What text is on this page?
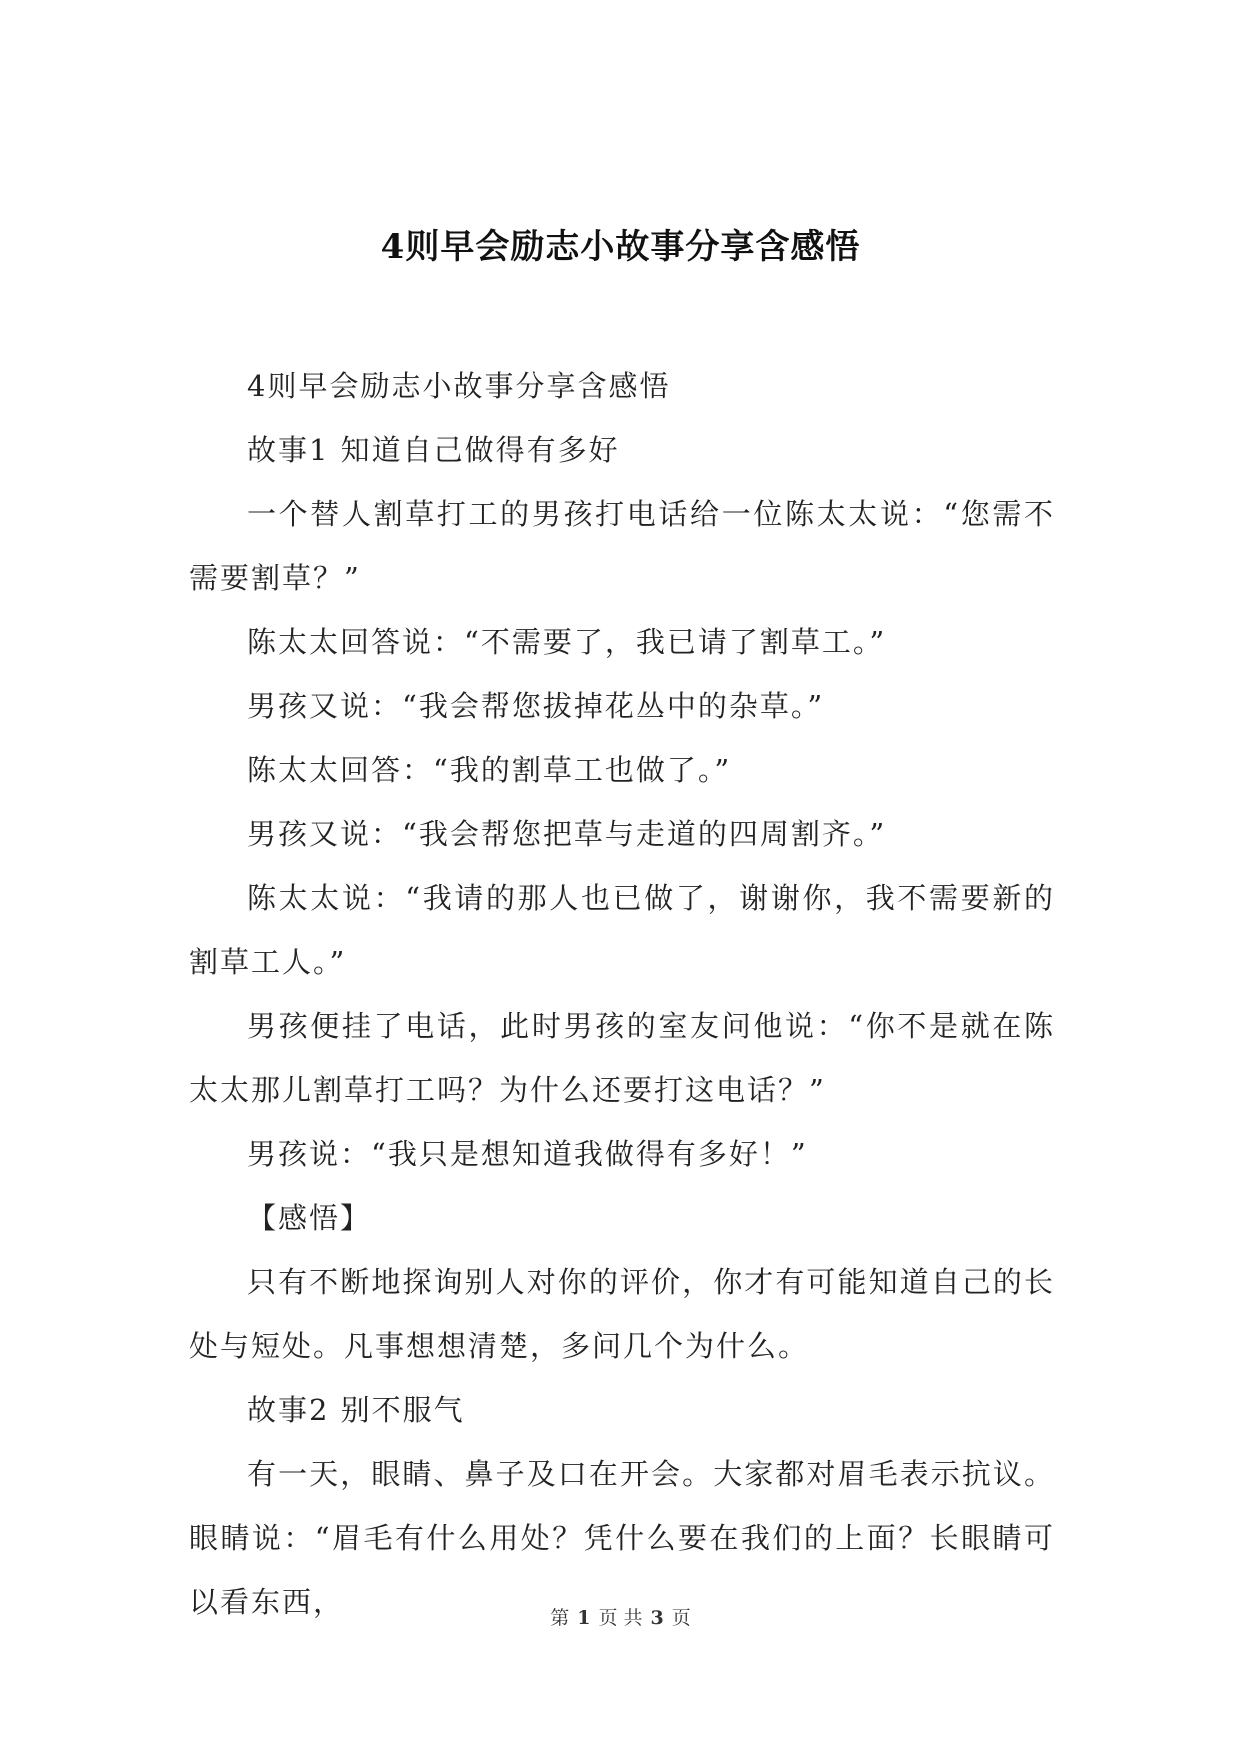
4则早会励志小故事分享含感悟

4则早会励志小故事分享含感悟

故事1 知道自己做得有多好

一个替人割草打工的男孩打电话给一位陈太太说：“您需不需要割草？”

陈太太回答说：“不需要了，我已请了割草工。”

男孩又说：“我会帮您拔掉花丛中的杂草。”

陈太太回答：“我的割草工也做了。”

男孩又说：“我会帮您把草与走道的四周割齐。”

陈太太说：“我请的那人也已做了，谢谢你，我不需要新的割草工人。”

男孩便挂了电话，此时男孩的室友问他说：“你不是就在陈太太那儿割草打工吗？为什么还要打这电话？”

男孩说：“我只是想知道我做得有多好！”

【感悟】

只有不断地探询别人对你的评价，你才有可能知道自己的长处与短处。凡事想想清楚，多问几个为什么。

故事2 别不服气

有一天，眼睛、鼻子及口在开会。大家都对眉毛表示抗议。眼睛说：“眉毛有什么用处？凭什么要在我们的上面？长眼睛可以看东西，	第 1 页 共 3 页
